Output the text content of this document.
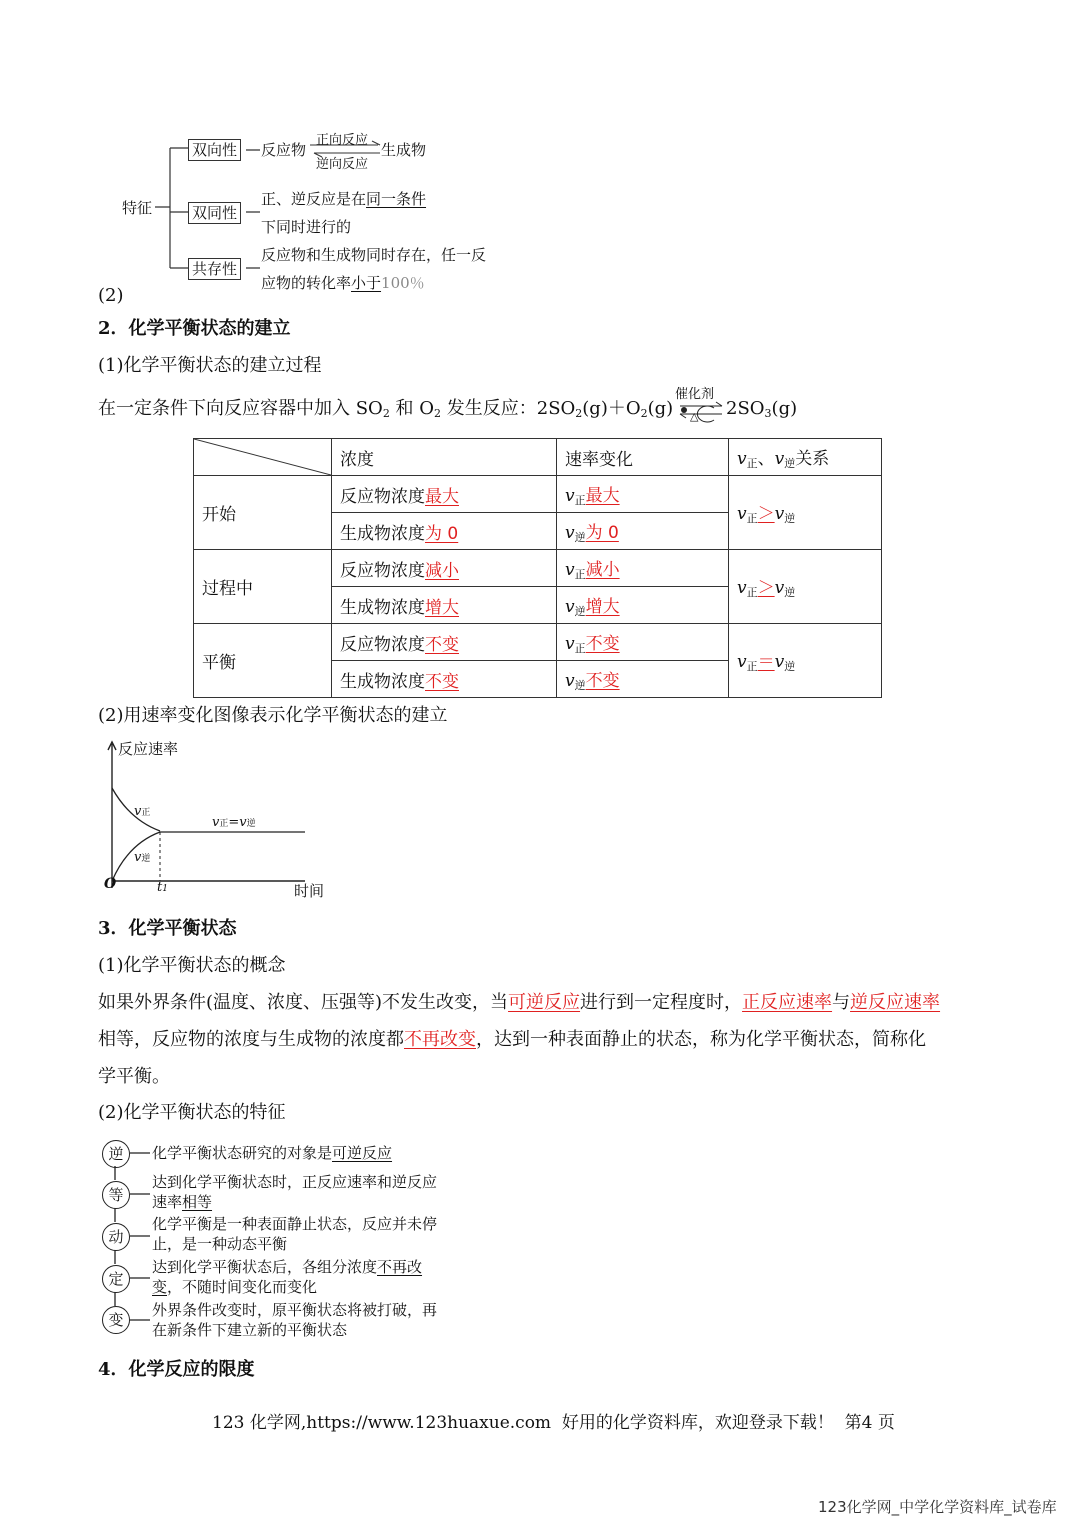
特征
双向性 反应物
正向反应
逆向反应
生成物
双同性
正、逆反应是在同一条件
下同时进行的
共存性
反应物和生成物同时存在，任一反
应物的转化率小于100％
(2)
2．化学平衡状态的建立
(1)化学平衡状态的建立过程
在一定条件下向反应容器中加入 $SO_2$ 和 $O_2$ 发生反应：$2SO_2(g)+O_2(g)$
催化剂
△ $2SO_3(g)$
	浓度	速率变化	$v_正$、$v_逆$关系
开始	反应物浓度最大	$v_正$最大	$v_正>v_逆$
	生成物浓度为 0	$v_逆$为 0	
过程中	反应物浓度减小	$v_正$减小	$v_正>v_逆$
	生成物浓度增大	$v_逆$增大	
平衡	反应物浓度不变	$v_正$不变	$v_正=v_逆$
	生成物浓度不变	$v_逆$不变	
(2)用速率变化图像表示化学平衡状态的建立
反应速率
时间
O	t1
v正
v逆
v正=v逆
3．化学平衡状态
(1)化学平衡状态的概念
如果外界条件(温度、浓度、压强等)不发生改变，当可逆反应进行到一定程度时，正反应速率与逆反应速率
相等，反应物的浓度与生成物的浓度都不再改变，达到一种表面静止的状态，称为化学平衡状态，简称化
学平衡。
(2)化学平衡状态的特征
逆
等
动
定
变
化学平衡状态研究的对象是可逆反应
达到化学平衡状态时，正反应速率和逆反应
速率相等
化学平衡是一种表面静止状态，反应并未停
止，是一种动态平衡
达到化学平衡状态后，各组分浓度不再改
变，不随时间变化而变化
外界条件改变时，原平衡状态将被打破，再
在新条件下建立新的平衡状态
4．化学反应的限度
123 化学网,https://www.123huaxue.com  好用的化学资料库，欢迎登录下载！  第4 页
123化学网_中学化学资料库_试卷库
